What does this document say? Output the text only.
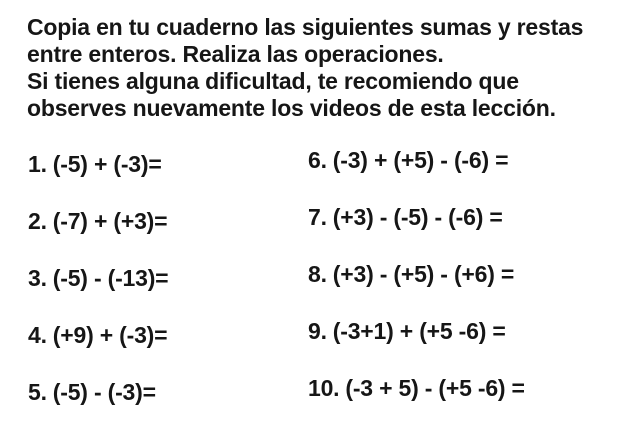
Copia en tu cuaderno las siguientes sumas y restas
entre enteros. Realiza las operaciones.
Si tienes alguna dificultad, te recomiendo que
observes nuevamente los videos de esta lección.
1. (-5) + (-3)=
2. (-7) + (+3)=
3. (-5) - (-13)=
4. (+9) + (-3)=
5. (-5) - (-3)=
6. (-3) + (+5) - (-6) =
7. (+3) - (-5) - (-6) =
8. (+3) - (+5) - (+6) =
9. (-3+1) + (+5 -6) =
10. (-3 + 5) - (+5 -6) =
